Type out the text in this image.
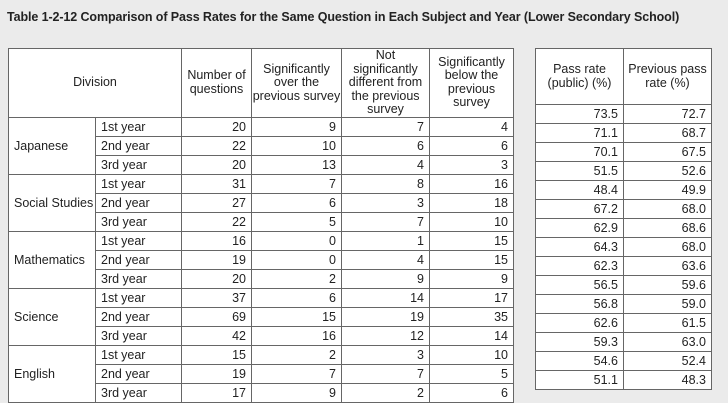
Table 1-2-12 Comparison of Pass Rates for the Same Question in Each Subject and Year (Lower Secondary School)
Division		Number of questions	Significantly over the previous survey	Not significantly different from the previous survey	Significantly below the previous survey
Japanese	1st year	20	9	7	4
	2nd year	22	10	6	6
	3rd year	20	13	4	3
Social Studies	1st year	31	7	8	16
	2nd year	27	6	3	18
	3rd year	22	5	7	10
Mathematics	1st year	16	0	1	15
	2nd year	19	0	4	15
	3rd year	20	2	9	9
Science	1st year	37	6	14	17
	2nd year	69	15	19	35
	3rd year	42	16	12	14
English	1st year	15	2	3	10
	2nd year	19	7	7	5
	3rd year	17	9	2	6
Pass rate (public) (%)	Previous pass rate (%)
73.5	72.7
71.1	68.7
70.1	67.5
51.5	52.6
48.4	49.9
67.2	68.0
62.9	68.6
64.3	68.0
62.3	63.6
56.5	59.6
56.8	59.0
62.6	61.5
59.3	63.0
54.6	52.4
51.1	48.3
